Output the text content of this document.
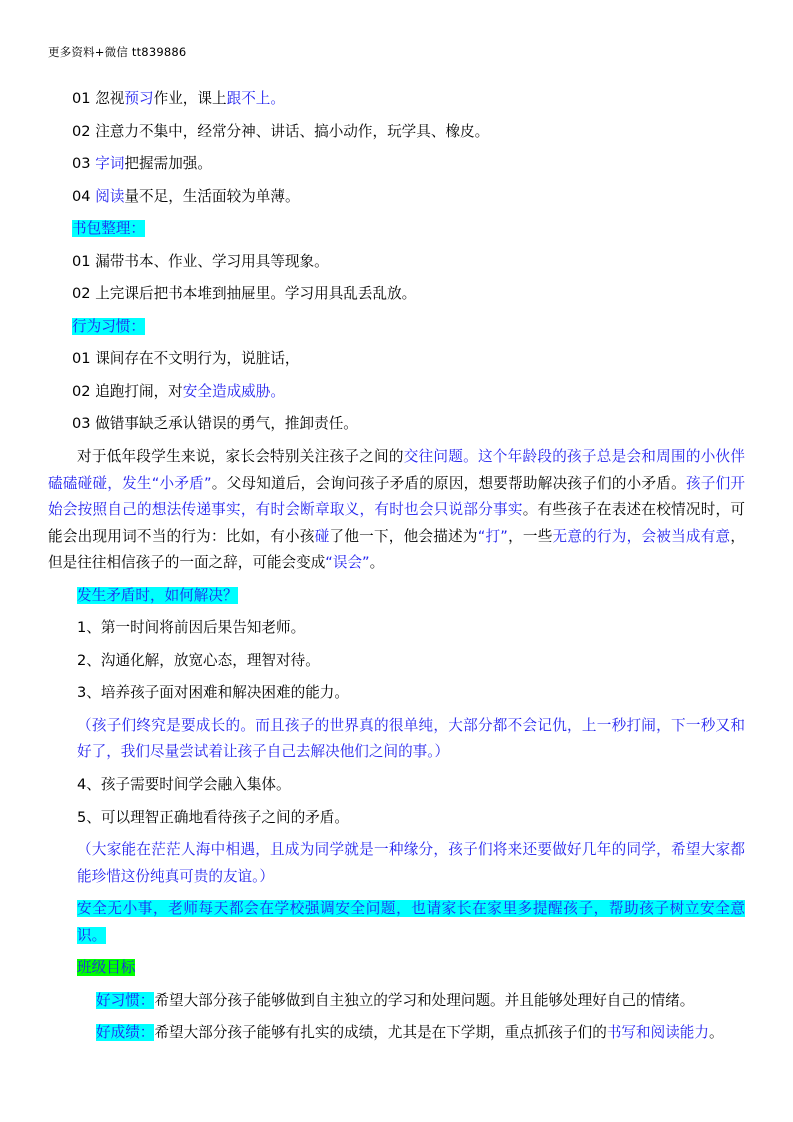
更多资料+微信 tt839886
01 忽视预习作业，课上跟不上。
02 注意力不集中，经常分神、讲话、搞小动作，玩学具、橡皮。
03 字词把握需加强。
04 阅读量不足，生活面较为单薄。
书包整理：
01 漏带书本、作业、学习用具等现象。
02 上完课后把书本堆到抽屉里。学习用具乱丢乱放。
行为习惯：
01 课间存在不文明行为，说脏话，
02 追跑打闹，对安全造成威胁。
03 做错事缺乏承认错误的勇气，推卸责任。
对于低年段学生来说，家长会特别关注孩子之间的交往问题。这个年龄段的孩子总是会和周围的小伙伴磕磕碰碰，发生“小矛盾”。父母知道后，会询问孩子矛盾的原因，想要帮助解决孩子们的小矛盾。孩子们开始会按照自己的想法传递事实，有时会断章取义，有时也会只说部分事实。有些孩子在表述在校情况时，可能会出现用词不当的行为：比如，有小孩碰了他一下，他会描述为“打”，一些无意的行为，会被当成有意，但是往往相信孩子的一面之辞，可能会变成“误会”。
发生矛盾时，如何解决？
1、第一时间将前因后果告知老师。
2、沟通化解，放宽心态，理智对待。
3、培养孩子面对困难和解决困难的能力。
（孩子们终究是要成长的。而且孩子的世界真的很单纯，大部分都不会记仇，上一秒打闹，下一秒又和好了，我们尽量尝试着让孩子自己去解决他们之间的事。）
4、孩子需要时间学会融入集体。
5、可以理智正确地看待孩子之间的矛盾。
（大家能在茫茫人海中相遇，且成为同学就是一种缘分，孩子们将来还要做好几年的同学，希望大家都能珍惜这份纯真可贵的友谊。）
安全无小事，老师每天都会在学校强调安全问题，也请家长在家里多提醒孩子，帮助孩子树立安全意识。
班级目标
好习惯：希望大部分孩子能够做到自主独立的学习和处理问题。并且能够处理好自己的情绪。
好成绩：希望大部分孩子能够有扎实的成绩，尤其是在下学期，重点抓孩子们的书写和阅读能力。
